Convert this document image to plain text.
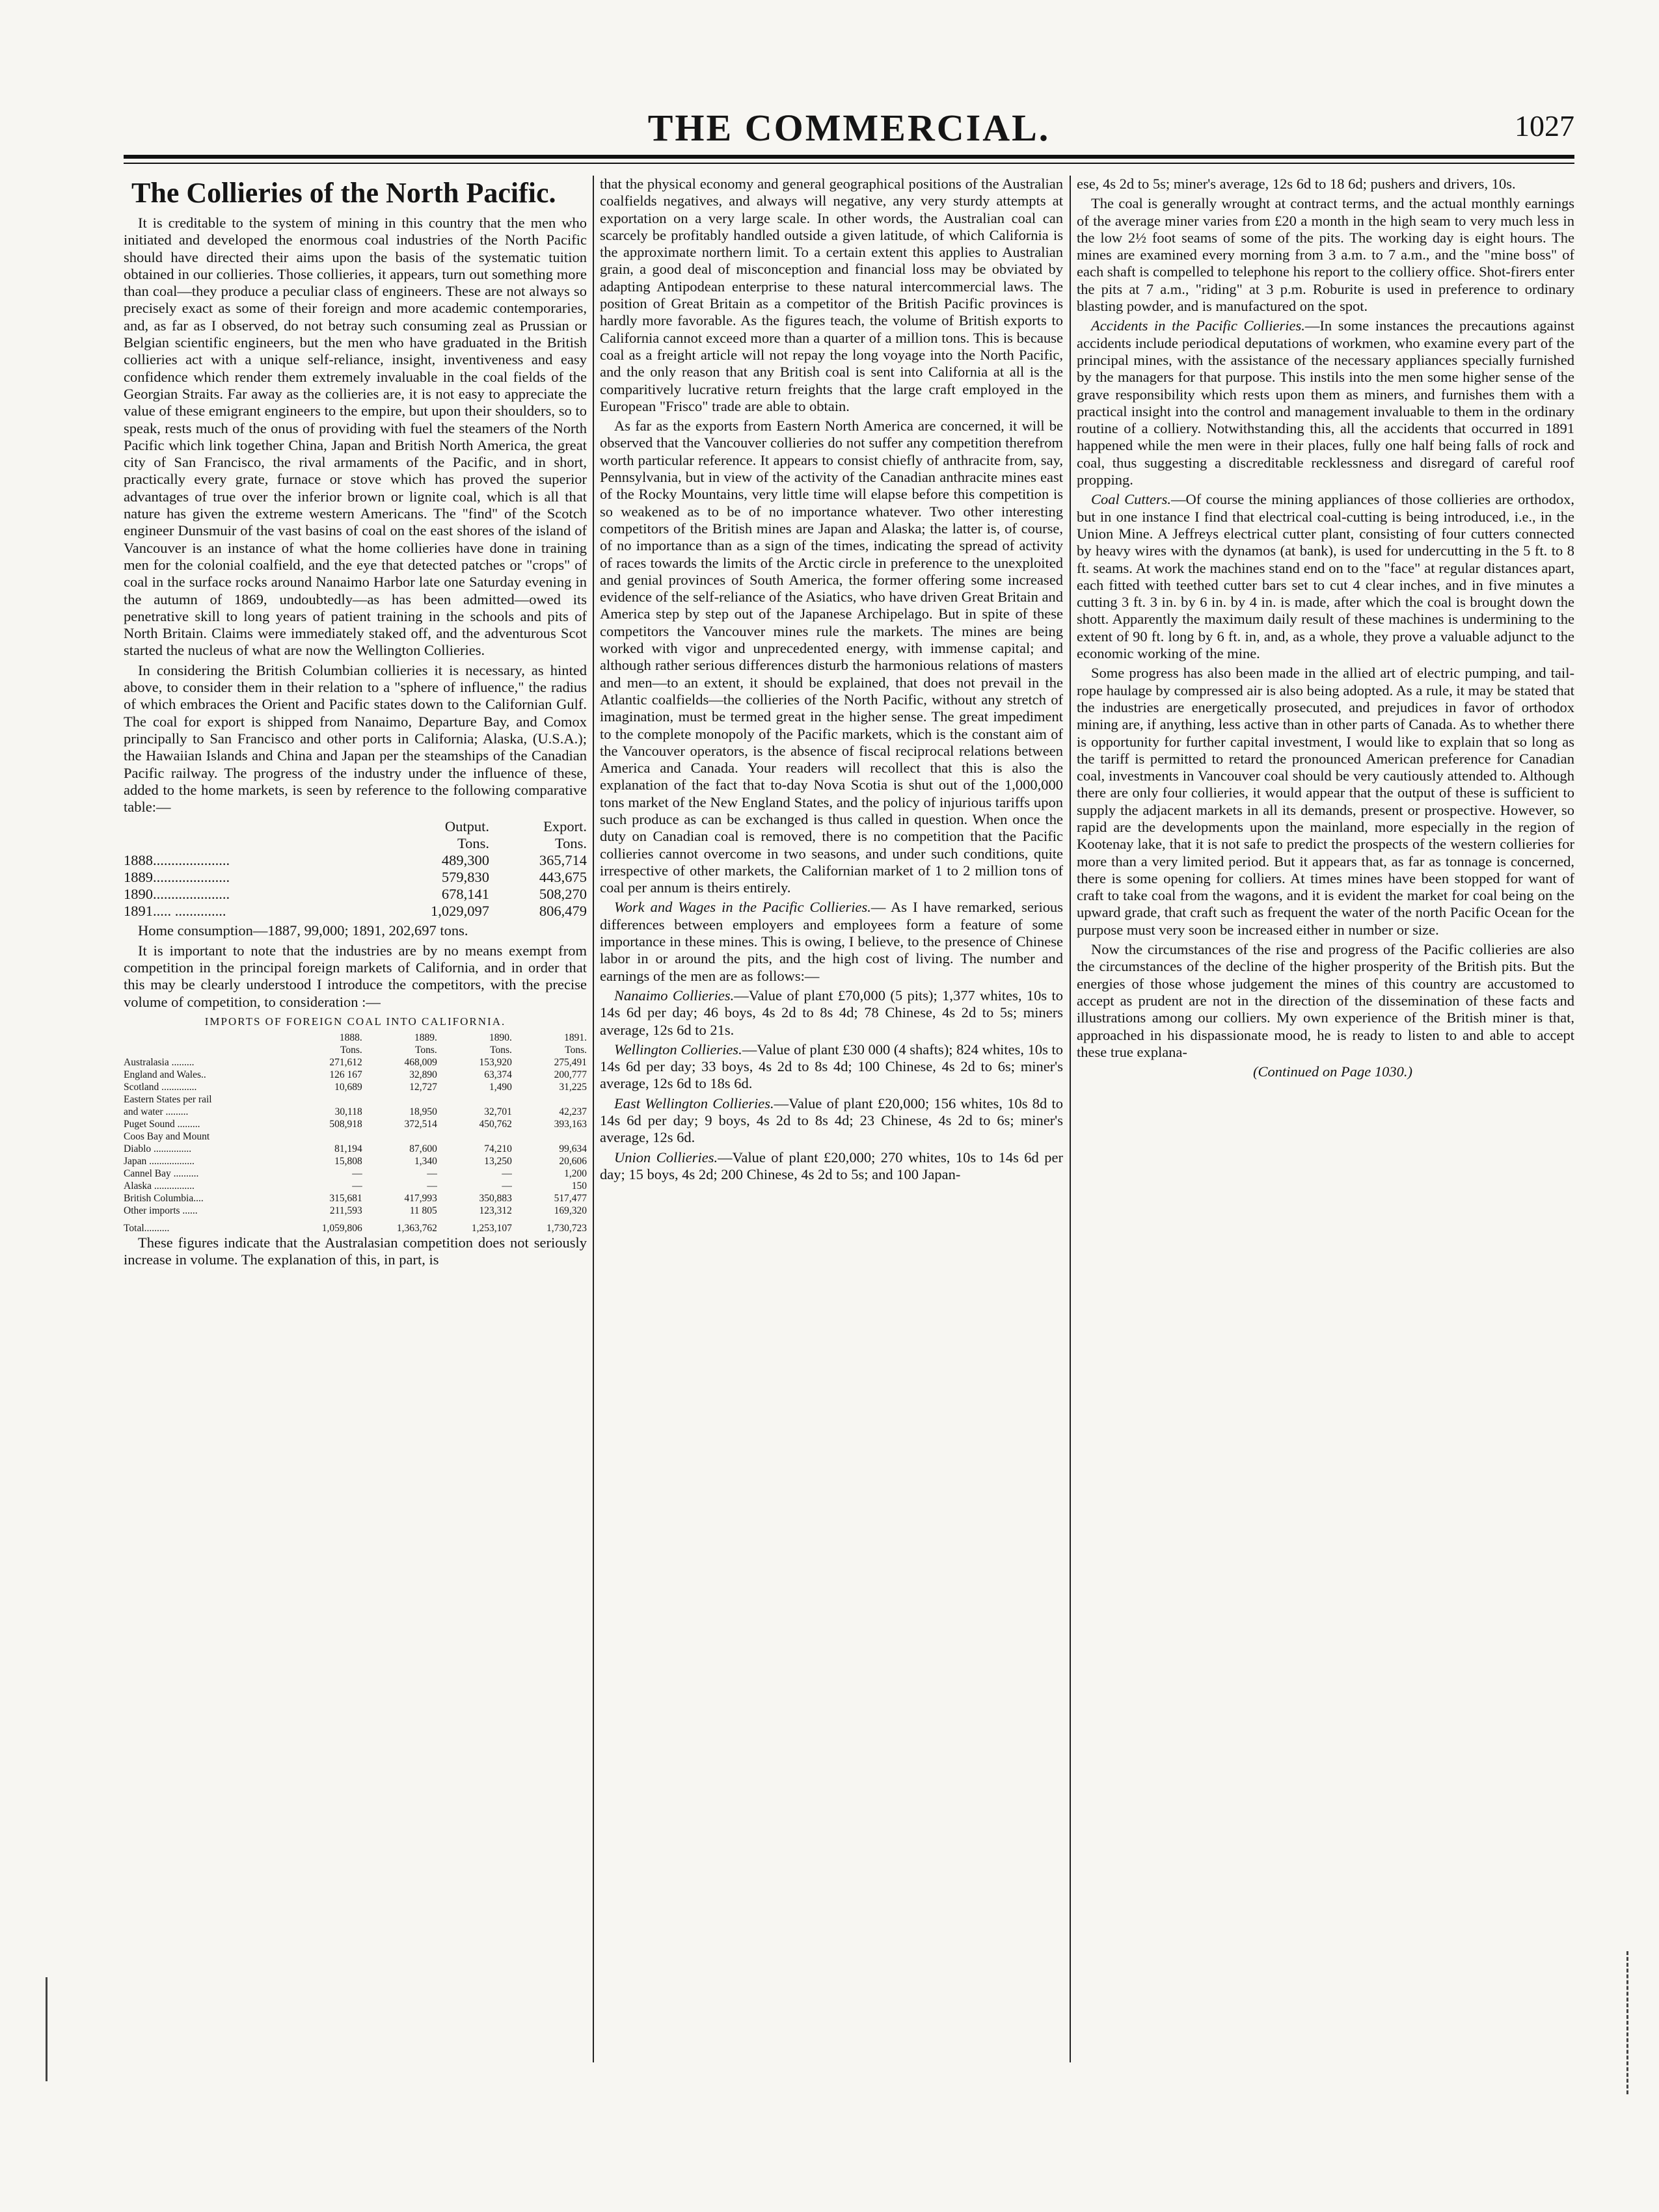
THE COMMERCIAL.	1027
The Collieries of the North Pacific.

It is creditable to the system of mining in this country that the men who initiated and developed the enormous coal industries of the North Pacific should have directed their aims upon the basis of the systematic tuition obtained in our collieries. Those collieries, it appears, turn out something more than coal—they produce a peculiar class of engineers. These are not always so precisely exact as some of their foreign and more academic contemporaries, and, as far as I observed, do not betray such consuming zeal as Prussian or Belgian scientific engineers, but the men who have graduated in the British collieries act with a unique self-reliance, insight, inventiveness and easy confidence which render them extremely invaluable in the coal fields of the Georgian Straits. Far away as the collieries are, it is not easy to appreciate the value of these emigrant engineers to the empire, but upon their shoulders, so to speak, rests much of the onus of providing with fuel the steamers of the North Pacific which link together China, Japan and British North America, the great city of San Francisco, the rival armaments of the Pacific, and in short, practically every grate, furnace or stove which has proved the superior advantages of true over the inferior brown or lignite coal, which is all that nature has given the extreme western Americans. The "find" of the Scotch engineer Dunsmuir of the vast basins of coal on the east shores of the island of Vancouver is an instance of what the home collieries have done in training men for the colonial coalfield, and the eye that detected patches or "crops" of coal in the surface rocks around Nanaimo Harbor late one Saturday evening in the autumn of 1869, undoubtedly—as has been admitted—owed its penetrative skill to long years of patient training in the schools and pits of North Britain. Claims were immediately staked off, and the adventurous Scot started the nucleus of what are now the Wellington Collieries.

In considering the British Columbian collieries it is necessary, as hinted above, to consider them in their relation to a "sphere of influence," the radius of which embraces the Orient and Pacific states down to the Californian Gulf. The coal for export is shipped from Nanaimo, Departure Bay, and Comox principally to San Francisco and other ports in California; Alaska, (U.S.A.); the Hawaiian Islands and China and Japan per the steamships of the Canadian Pacific railway. The progress of the industry under the influence of these, added to the home markets, is seen by reference to the following comparative table:—

	Output.	Export.
	Tons.	Tons.
1888.....................	489,300	365,714
1889.....................	579,830	443,675
1890.....................	678,141	508,270
1891..... ..............	1,029,097	806,479

Home consumption—1887, 99,000; 1891, 202,697 tons.

It is important to note that the industries are by no means exempt from competition in the principal foreign markets of California, and in order that this may be clearly understood I introduce the competitors, with the precise volume of competition, to consideration :—

IMPORTS OF FOREIGN COAL INTO CALIFORNIA.
	1888.	1889.	1890.	1891.
	Tons.	Tons.	Tons.	Tons.
Australasia .........	271,612	468,009	153,920	275,491
England and Wales..	126 167	32,890	63,374	200,777
Scotland ..............	10,689	12,727	1,490	31,225
Eastern States per rail				
and water .........	30,118	18,950	32,701	42,237
Puget Sound .........	508,918	372,514	450,762	393,163
Coos Bay and Mount				
Diablo ...............	81,194	87,600	74,210	99,634
Japan ..................	15,808	1,340	13,250	20,606
Cannel Bay ..........	—	—	—	1,200
Alaska ................	—	—	—	150
British Columbia....	315,681	417,993	350,883	517,477
Other imports ......	211,593	11 805	123,312	169,320
Total..........	1,059,806	1,363,762	1,253,107	1,730,723

These figures indicate that the Australasian competition does not seriously increase in volume. The explanation of this, in part, is

that the physical economy and general geographical positions of the Australian coalfields negatives, and always will negative, any very sturdy attempts at exportation on a very large scale. In other words, the Australian coal can scarcely be profitably handled outside a given latitude, of which California is the approximate northern limit. To a certain extent this applies to Australian grain, a good deal of misconception and financial loss may be obviated by adapting Antipodean enterprise to these natural intercommercial laws. The position of Great Britain as a competitor of the British Pacific provinces is hardly more favorable. As the figures teach, the volume of British exports to California cannot exceed more than a quarter of a million tons. This is because coal as a freight article will not repay the long voyage into the North Pacific, and the only reason that any British coal is sent into California at all is the comparitively lucrative return freights that the large craft employed in the European "Frisco" trade are able to obtain.

As far as the exports from Eastern North America are concerned, it will be observed that the Vancouver collieries do not suffer any competition therefrom worth particular reference. It appears to consist chiefly of anthracite from, say, Pennsylvania, but in view of the activity of the Canadian anthracite mines east of the Rocky Mountains, very little time will elapse before this competition is so weakened as to be of no importance whatever. Two other interesting competitors of the British mines are Japan and Alaska; the latter is, of course, of no importance than as a sign of the times, indicating the spread of activity of races towards the limits of the Arctic circle in preference to the unexploited and genial provinces of South America, the former offering some increased evidence of the self-reliance of the Asiatics, who have driven Great Britain and America step by step out of the Japanese Archipelago. But in spite of these competitors the Vancouver mines rule the markets. The mines are being worked with vigor and unprecedented energy, with immense capital; and although rather serious differences disturb the harmonious relations of masters and men—to an extent, it should be explained, that does not prevail in the Atlantic coalfields—the collieries of the North Pacific, without any stretch of imagination, must be termed great in the higher sense. The great impediment to the complete monopoly of the Pacific markets, which is the constant aim of the Vancouver operators, is the absence of fiscal reciprocal relations between America and Canada. Your readers will recollect that this is also the explanation of the fact that to-day Nova Scotia is shut out of the 1,000,000 tons market of the New England States, and the policy of injurious tariffs upon such produce as can be exchanged is thus called in question. When once the duty on Canadian coal is removed, there is no competition that the Pacific collieries cannot overcome in two seasons, and under such conditions, quite irrespective of other markets, the Californian market of 1 to 2 million tons of coal per annum is theirs entirely.

Work and Wages in the Pacific Collieries.— As I have remarked, serious differences between employers and employees form a feature of some importance in these mines. This is owing, I believe, to the presence of Chinese labor in or around the pits, and the high cost of living. The number and earnings of the men are as follows:—

Nanaimo Collieries.—Value of plant £70,000 (5 pits); 1,377 whites, 10s to 14s 6d per day; 46 boys, 4s 2d to 8s 4d; 78 Chinese, 4s 2d to 5s; miners average, 12s 6d to 21s.

Wellington Collieries.—Value of plant £30 000 (4 shafts); 824 whites, 10s to 14s 6d per day; 33 boys, 4s 2d to 8s 4d; 100 Chinese, 4s 2d to 6s; miner's average, 12s 6d to 18s 6d.

East Wellington Collieries.—Value of plant £20,000; 156 whites, 10s 8d to 14s 6d per day; 9 boys, 4s 2d to 8s 4d; 23 Chinese, 4s 2d to 6s; miner's average, 12s 6d.

Union Collieries.—Value of plant £20,000; 270 whites, 10s to 14s 6d per day; 15 boys, 4s 2d; 200 Chinese, 4s 2d to 5s; and 100 Japan-

ese, 4s 2d to 5s; miner's average, 12s 6d to 18 6d; pushers and drivers, 10s.

The coal is generally wrought at contract terms, and the actual monthly earnings of the average miner varies from £20 a month in the high seam to very much less in the low 2½ foot seams of some of the pits. The working day is eight hours. The mines are examined every morning from 3 a.m. to 7 a.m., and the "mine boss" of each shaft is compelled to telephone his report to the colliery office. Shot-firers enter the pits at 7 a.m., "riding" at 3 p.m. Roburite is used in preference to ordinary blasting powder, and is manufactured on the spot.

Accidents in the Pacific Collieries.—In some instances the precautions against accidents include periodical deputations of workmen, who examine every part of the principal mines, with the assistance of the necessary appliances specially furnished by the managers for that purpose. This instils into the men some higher sense of the grave responsibility which rests upon them as miners, and furnishes them with a practical insight into the control and management invaluable to them in the ordinary routine of a colliery. Notwithstanding this, all the accidents that occurred in 1891 happened while the men were in their places, fully one half being falls of rock and coal, thus suggesting a discreditable recklessness and disregard of careful roof propping.

Coal Cutters.—Of course the mining appliances of those collieries are orthodox, but in one instance I find that electrical coal-cutting is being introduced, i.e., in the Union Mine. A Jeffreys electrical cutter plant, consisting of four cutters connected by heavy wires with the dynamos (at bank), is used for undercutting in the 5 ft. to 8 ft. seams. At work the machines stand end on to the "face" at regular distances apart, each fitted with teethed cutter bars set to cut 4 clear inches, and in five minutes a cutting 3 ft. 3 in. by 6 in. by 4 in. is made, after which the coal is brought down the shott. Apparently the maximum daily result of these machines is undermining to the extent of 90 ft. long by 6 ft. in, and, as a whole, they prove a valuable adjunct to the economic working of the mine.

Some progress has also been made in the allied art of electric pumping, and tail-rope haulage by compressed air is also being adopted. As a rule, it may be stated that the industries are energetically prosecuted, and prejudices in favor of orthodox mining are, if anything, less active than in other parts of Canada. As to whether there is opportunity for further capital investment, I would like to explain that so long as the tariff is permitted to retard the pronounced American preference for Canadian coal, investments in Vancouver coal should be very cautiously attended to. Although there are only four collieries, it would appear that the output of these is sufficient to supply the adjacent markets in all its demands, present or prospective. However, so rapid are the developments upon the mainland, more especially in the region of Kootenay lake, that it is not safe to predict the prospects of the western collieries for more than a very limited period. But it appears that, as far as tonnage is concerned, there is some opening for colliers. At times mines have been stopped for want of craft to take coal from the wagons, and it is evident the market for coal being on the upward grade, that craft such as frequent the water of the north Pacific Ocean for the purpose must very soon be increased either in number or size.

Now the circumstances of the rise and progress of the Pacific collieries are also the circumstances of the decline of the higher prosperity of the British pits. But the energies of those whose judgement the mines of this country are accustomed to accept as prudent are not in the direction of the dissemination of these facts and illustrations among our colliers. My own experience of the British miner is that, approached in his dispassionate mood, he is ready to listen to and able to accept these true explana-

(Continued on Page 1030.)
